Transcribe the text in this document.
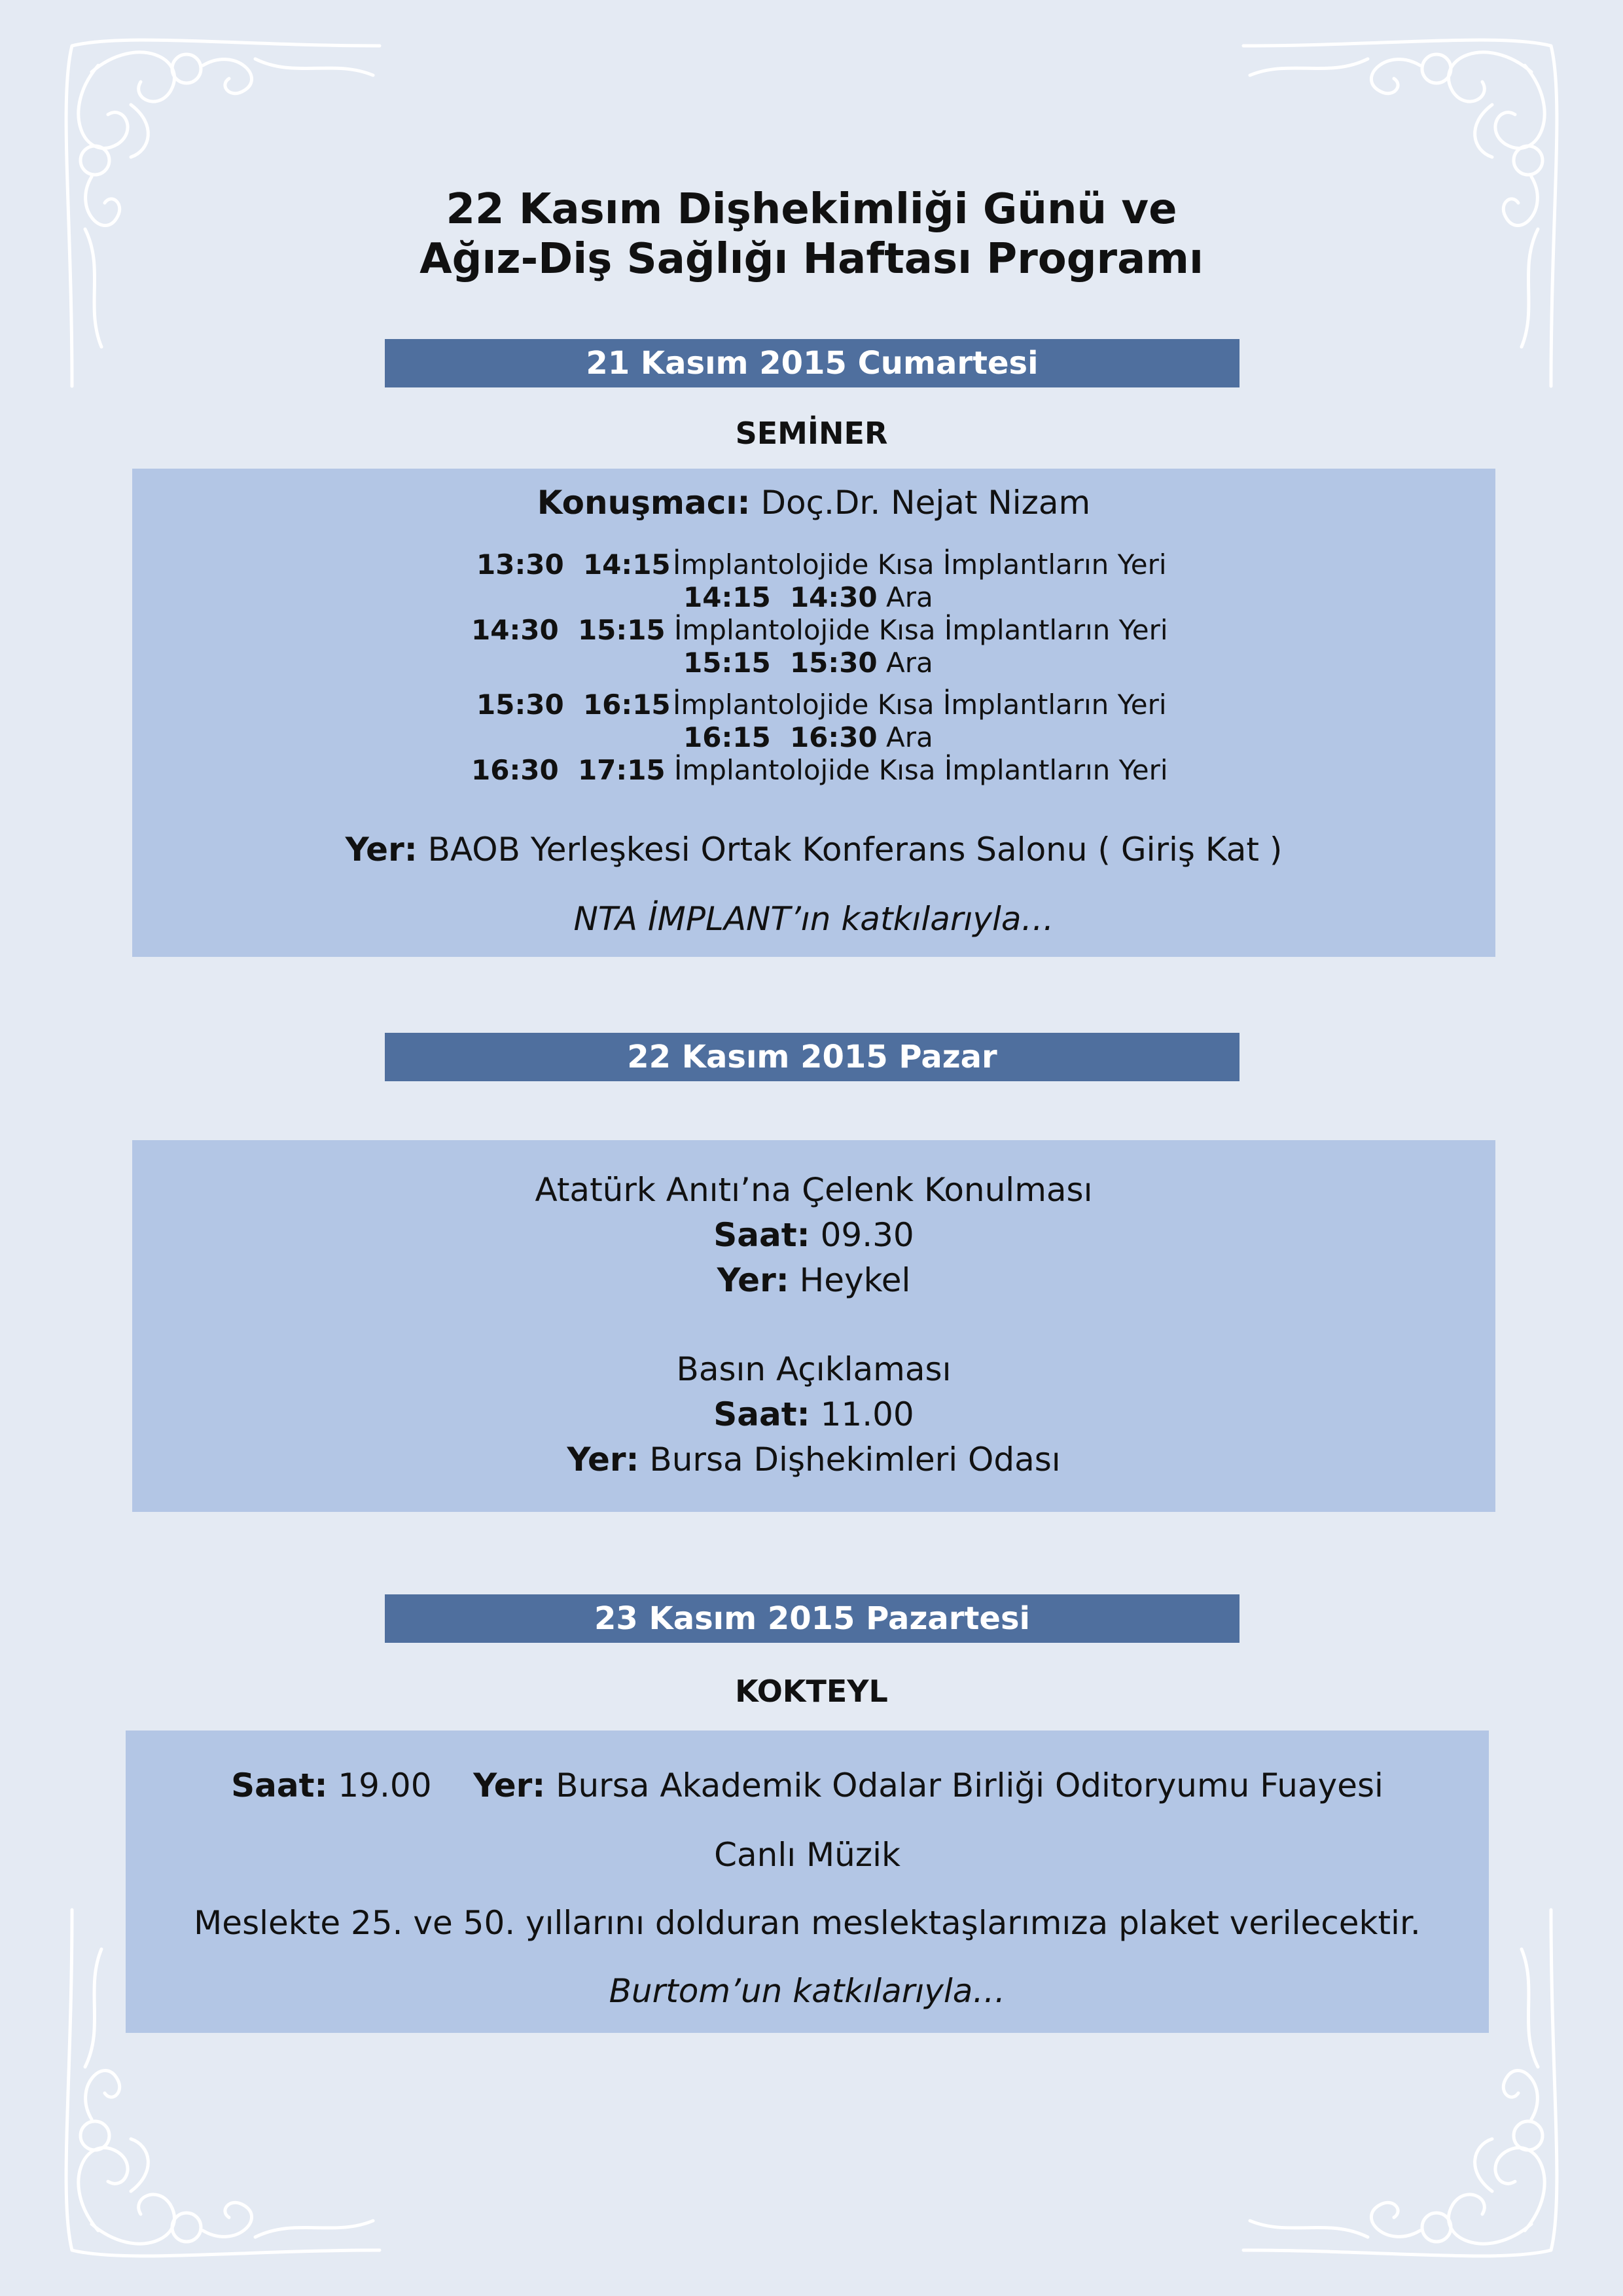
22 Kasım Dişhekimliği Günü ve
Ağız-Diş Sağlığı Haftası Programı
21 Kasım 2015 Cumartesi
SEMİNER
Konuşmacı: Doç.Dr. Nejat Nizam
13:30 14:15İmplantolojide Kısa İmplantların Yeri
14:15 14:30 Ara
14:30 15:15 İmplantolojide Kısa İmplantların Yeri
15:15 15:30 Ara
15:30 16:15İmplantolojide Kısa İmplantların Yeri
16:15 16:30 Ara
16:30 17:15 İmplantolojide Kısa İmplantların Yeri
Yer: BAOB Yerleşkesi Ortak Konferans Salonu ( Giriş Kat )
NTA İMPLANT’ın katkılarıyla…
22 Kasım 2015 Pazar
Atatürk Anıtı’na Çelenk Konulması
Saat: 09.30
Yer: Heykel
Basın Açıklaması
Saat: 11.00
Yer: Bursa Dişhekimleri Odası
23 Kasım 2015 Pazartesi
KOKTEYL
Saat: 19.00 Yer: Bursa Akademik Odalar Birliği Oditoryumu Fuayesi
Canlı Müzik
Meslekte 25. ve 50. yıllarını dolduran meslektaşlarımıza plaket verilecektir.
Burtom’un katkılarıyla…
